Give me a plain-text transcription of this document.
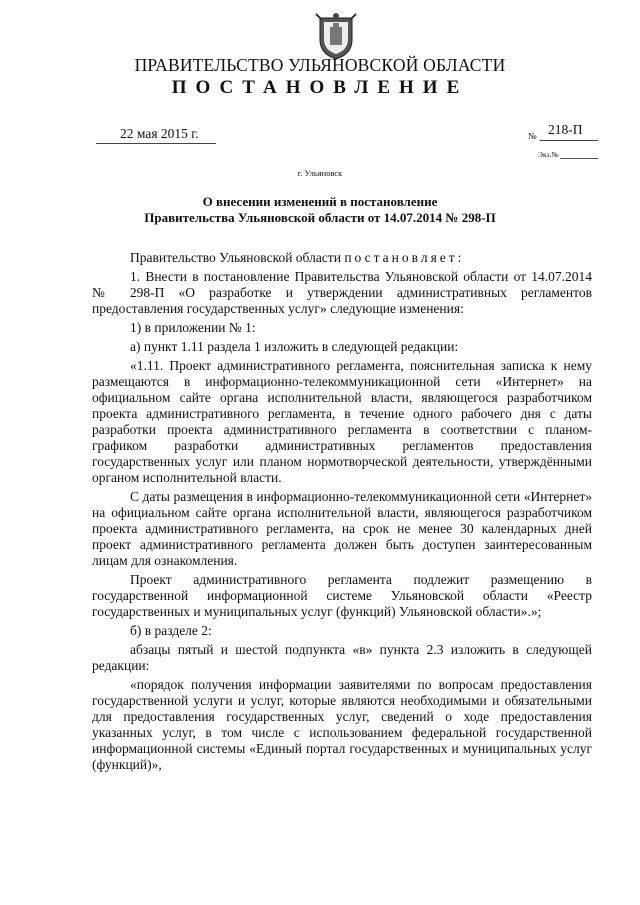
ПРАВИТЕЛЬСТВО УЛЬЯНОВСКОЙ ОБЛАСТИ
ПОСТАНОВЛЕНИЕ
22 мая 2015 г.	№ 218-П
Экз.№
г. Ульяновск
О внесении изменений в постановление
Правительства Ульяновской области от 14.07.2014 № 298-П

Правительство Ульяновской области постановляет:

1. Внести в постановление Правительства Ульяновской области от 14.07.2014 № 298-П «О разработке и утверждении административных регламентов предоставления государственных услуг» следующие изменения:

1) в приложении № 1:

а) пункт 1.11 раздела 1 изложить в следующей редакции:

«1.11. Проект административного регламента, пояснительная записка к нему размещаются в информационно-телекоммуникационной сети «Интернет» на официальном сайте органа исполнительной власти, являющегося разработчиком проекта административного регламента, в течение одного рабочего дня с даты разработки проекта административного регламента в соответствии с планом-графиком разработки административных регламентов предоставления государственных услуг или планом нормотворческой деятельности, утверждёнными органом исполнительной власти.

С даты размещения в информационно-телекоммуникационной сети «Интернет» на официальном сайте органа исполнительной власти, являющегося разработчиком проекта административного регламента, на срок не менее 30 календарных дней проект административного регламента должен быть доступен заинтересованным лицам для ознакомления.

Проект административного регламента подлежит размещению в государственной информационной системе Ульяновской области «Реестр государственных и муниципальных услуг (функций) Ульяновской области».»;

б) в разделе 2:

абзацы пятый и шестой подпункта «в» пункта 2.3 изложить в следующей редакции:

«порядок получения информации заявителями по вопросам предоставления государственной услуги и услуг, которые являются необходимыми и обязательными для предоставления государственных услуг, сведений о ходе предоставления указанных услуг, в том числе с использованием федеральной государственной информационной системы «Единый портал государственных и муниципальных услуг (функций)»,
